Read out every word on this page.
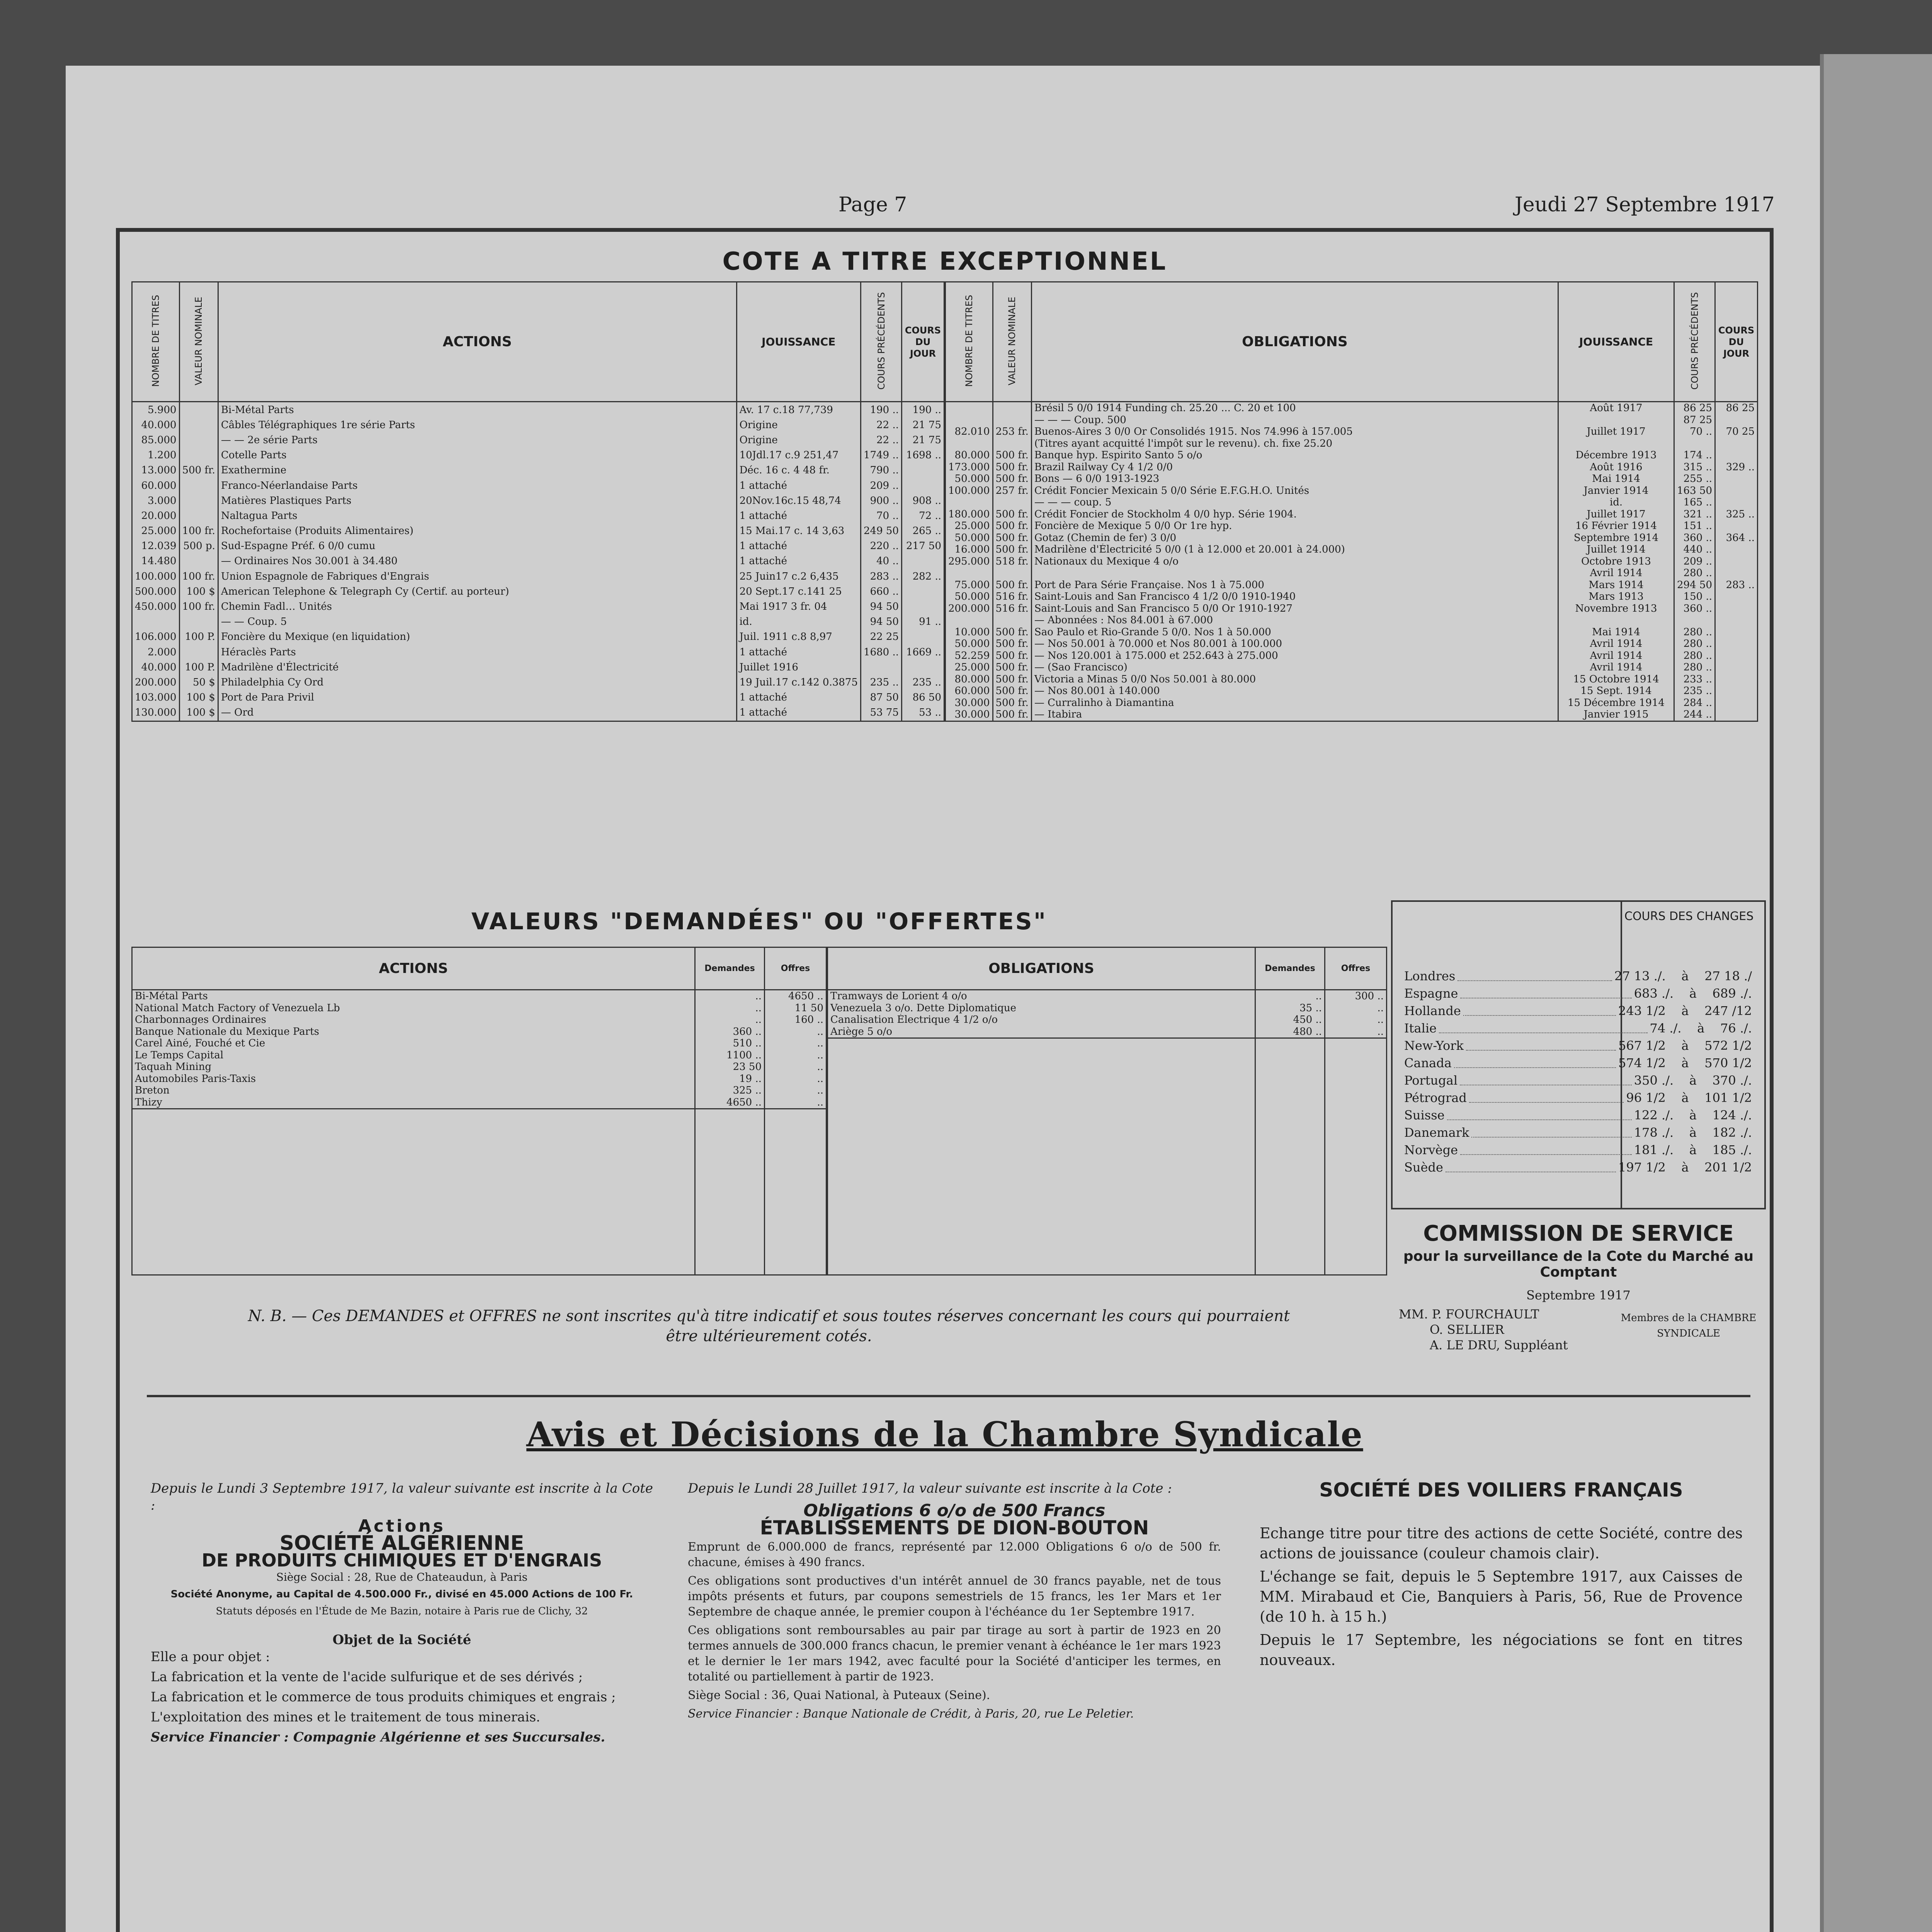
Page 7	Jeudi 27 Septembre 1917
COTE A TITRE EXCEPTIONNEL
NOMBRE DE TITRES	VALEUR NOMINALE	ACTIONS	JOUISSANCE	COURS PRÉCÉDENTS	COURS DU JOUR
5.900		Bi-Métal Parts	Av. 17 c.18 77,739	190 ..	190 ..
40.000		Câbles Télégraphiques 1re série Parts	Origine	22 ..	21 75
85.000		— — 2e série Parts	Origine	22 ..	21 75
1.200		Cotelle Parts	10Jdl.17 c.9 251,47	1749 ..	1698 ..
13.000	500 fr.	Exathermine	Déc. 16 c. 4 48 fr.	790 ..	
60.000		Franco-Néerlandaise Parts	1 attaché	209 ..	
3.000		Matières Plastiques Parts	20Nov.16c.15 48,74	900 ..	908 ..
20.000		Naltagua Parts	1 attaché	70 ..	72 ..
25.000	100 fr.	Rochefortaise (Produits Alimentaires)	15 Mai.17 c. 14 3,63	249 50	265 ..
12.039	500 p.	Sud-Espagne Préf. 6 0/0 cumu	1 attaché	220 ..	217 50
14.480		— Ordinaires Nos 30.001 à 34.480	1 attaché	40 ..	
100.000	100 fr.	Union Espagnole de Fabriques d'Engrais	25 Juin17 c.2 6,435	283 ..	282 ..

500.000	100 $	American Telephone & Telegraph Cy (Certif. au porteur)	20 Sept.17 c.141 25	660 ..	
450.000	100 fr.	Chemin Fadl… Unités	Mai 1917 3 fr. 04	94 50	
		— — Coup. 5	id.	94 50	91 ..
106.000	100 P.	Foncière du Mexique (en liquidation)	Juil. 1911 c.8 8,97	22 25	
2.000		Héraclès Parts	1 attaché	1680 ..	1669 ..
40.000	100 P.	Madrilène d'Électricité	Juillet 1916		
200.000	50 $	Philadelphia Cy Ord	19 Juil.17 c.142 0.3875	235 ..	235 ..
103.000	100 $	Port de Para Privil	1 attaché	87 50	86 50
130.000	100 $	— Ord	1 attaché	53 75	53 ..

NOMBRE DE TITRES	VALEUR NOMINALE	OBLIGATIONS	JOUISSANCE	COURS PRÉCÉDENTS	COURS DU JOUR
		Brésil 5 0/0 1914 Funding ch. 25.20 ... C. 20 et 100	Août 1917	86 25	86 25
		— — — Coup. 500		87 25	
82.010	253 fr.	Buenos-Aires 3 0/0 Or Consolidés 1915. Nos 74.996 à 157.005	Juillet 1917	70 ..	70 25
		(Titres ayant acquitté l'impôt sur le revenu). ch. fixe 25.20			

80.000	500 fr.	Banque hyp. Espirito Santo 5 o/o	Décembre 1913	174 ..	
173.000	500 fr.	Brazil Railway Cy 4 1/2 0/0	Août 1916	315 ..	329 ..
50.000	500 fr.	Bons — 6 0/0 1913-1923	Mai 1914	255 ..	
100.000	257 fr.	Crédit Foncier Mexicain 5 0/0 Série E.F.G.H.O. Unités	Janvier 1914	163 50	
		— — — coup. 5	id.	165 ..	
180.000	500 fr.	Crédit Foncier de Stockholm 4 0/0 hyp. Série 1904.	Juillet 1917	321 ..	325 ..
25.000	500 fr.	Foncière de Mexique 5 0/0 Or 1re hyp.	16 Février 1914	151 ..	
50.000	500 fr.	Gotaz (Chemin de fer) 3 0/0	Septembre 1914	360 ..	364 ..
16.000	500 fr.	Madrilène d'Électricité 5 0/0 (1 à 12.000 et 20.001 à 24.000)	Juillet 1914	440 ..	
295.000	518 fr.	Nationaux du Mexique 4 o/o	Octobre 1913	209 ..	
			Avril 1914	280 ..	
75.000	500 fr.	Port de Para Série Française. Nos 1 à 75.000	Mars 1914	294 50	283 ..
50.000	516 fr.	Saint-Louis and San Francisco 4 1/2 0/0 1910-1940	Mars 1913	150 ..	
200.000	516 fr.	Saint-Louis and San Francisco 5 0/0 Or 1910-1927	Novembre 1913	360 ..	
		— Abonnées : Nos 84.001 à 67.000			
10.000	500 fr.	Sao Paulo et Rio-Grande 5 0/0. Nos 1 à 50.000	Mai 1914	280 ..	
50.000	500 fr.	— Nos 50.001 à 70.000 et Nos 80.001 à 100.000	Avril 1914	280 ..	
52.259	500 fr.	— Nos 120.001 à 175.000 et 252.643 à 275.000	Avril 1914	280 ..	
25.000	500 fr.	— (Sao Francisco)	Avril 1914	280 ..	
80.000	500 fr.	Victoria a Minas 5 0/0 Nos 50.001 à 80.000	15 Octobre 1914	233 ..	
60.000	500 fr.	— Nos 80.001 à 140.000	15 Sept. 1914	235 ..	
30.000	500 fr.	— Curralinho à Diamantina	15 Décembre 1914	284 ..	
30.000	500 fr.	— Itabira	Janvier 1915	244 ..	
VALEURS "DEMANDÉES" OU "OFFERTES"
ACTIONS	Demandes	Offres
Bi-Métal Parts	..	4650 ..
National Match Factory of Venezuela Lb	..	11 50
Charbonnages Ordinaires	..	160 ..
Banque Nationale du Mexique Parts	360 ..	..
Carel Ainé, Fouché et Cie	510 ..	..
Le Temps Capital	1100 ..	..
Taquah Mining	23 50	..
Automobiles Paris-Taxis	19 ..	..
Breton	325 ..	..
Thizy	4650 ..	..

OBLIGATIONS	Demandes	Offres
Tramways de Lorient 4 o/o	..	300 ..
Venezuela 3 o/o. Dette Diplomatique	35 ..	..
Canalisation Électrique 4 1/2 o/o	450 ..	..
Ariège 5 o/o	480 ..	..

N. B. — Ces DEMANDES et OFFRES ne sont inscrites qu'à titre indicatif et sous toutes réserves concernant les cours qui pourraient être ultérieurement cotés.
COURS DES CHANGES
Londres	27 13 ./.    à    27 18 ./
Espagne	683 ./.    à    689 ./.
Hollande	243 1/2    à    247 /12
Italie	74 ./.    à    76 ./.
New-York	567 1/2    à    572 1/2
Canada	574 1/2    à    570 1/2
Portugal	350 ./.    à    370 ./.
Pétrograd	96 1/2    à    101 1/2
Suisse	122 ./.    à    124 ./.
Danemark	178 ./.    à    182 ./.
Norvège	181 ./.    à    185 ./.
Suède	197 1/2    à    201 1/2
COMMISSION DE SERVICE
pour la surveillance de la Cote du Marché au Comptant
Septembre 1917
MM. P. FOURCHAULT
O. SELLIER
A. LE DRU, Suppléant
Membres de la CHAMBRE SYNDICALE
Avis et Décisions de la Chambre Syndicale

Depuis le Lundi 3 Septembre 1917, la valeur suivante est inscrite à la Cote :

Actions
SOCIÉTÉ ALGÉRIENNE
DE PRODUITS CHIMIQUES ET D'ENGRAIS
Siège Social : 28, Rue de Chateaudun, à Paris
Société Anonyme, au Capital de 4.500.000 Fr., divisé en 45.000 Actions de 100 Fr.
Statuts déposés en l'Étude de Me Bazin, notaire à Paris rue de Clichy, 32
Objet de la Société

Elle a pour objet :

La fabrication et la vente de l'acide sulfurique et de ses dérivés ;

La fabrication et le commerce de tous produits chimiques et engrais ;

L'exploitation des mines et le traitement de tous minerais.

Service Financier : Compagnie Algérienne et ses Succursales.

Depuis le Lundi 28 Juillet 1917, la valeur suivante est inscrite à la Cote :

Obligations 6 o/o de 500 Francs
ÉTABLISSEMENTS DE DION-BOUTON

Emprunt de 6.000.000 de francs, représenté par 12.000 Obligations 6 o/o de 500 fr. chacune, émises à 490 francs.

Ces obligations sont productives d'un intérêt annuel de 30 francs payable, net de tous impôts présents et futurs, par coupons semestriels de 15 francs, les 1er Mars et 1er Septembre de chaque année, le premier coupon à l'échéance du 1er Septembre 1917.

Ces obligations sont remboursables au pair par tirage au sort à partir de 1923 en 20 termes annuels de 300.000 francs chacun, le premier venant à échéance le 1er mars 1923 et le dernier le 1er mars 1942, avec faculté pour la Société d'anticiper les termes, en totalité ou partiellement à partir de 1923.

Siège Social : 36, Quai National, à Puteaux (Seine).

Service Financier : Banque Nationale de Crédit, à Paris, 20, rue Le Peletier.

SOCIÉTÉ DES VOILIERS FRANÇAIS

Echange titre pour titre des actions de cette Société, contre des actions de jouissance (couleur chamois clair).

L'échange se fait, depuis le 5 Septembre 1917, aux Caisses de MM. Mirabaud et Cie, Banquiers à Paris, 56, Rue de Provence (de 10 h. à 15 h.)

Depuis le 17 Septembre, les négociations se font en titres nouveaux.
